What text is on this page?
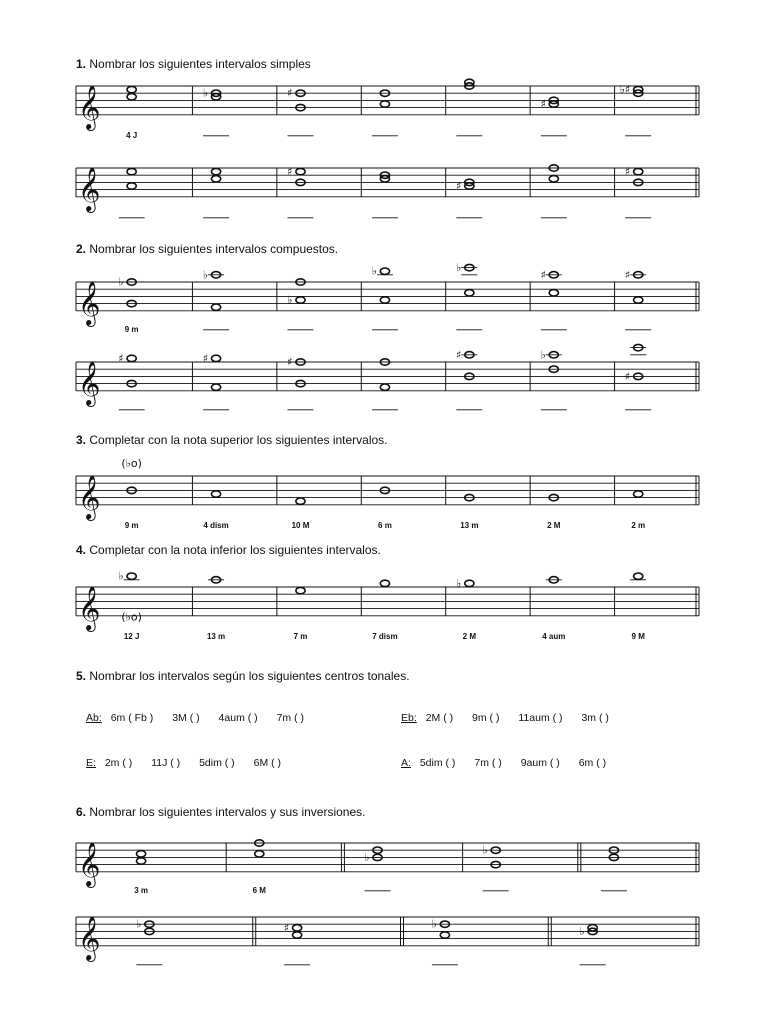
1. Nombrar los siguientes intervalos simples
2. Nombrar los siguientes intervalos compuestos.
3. Completar con la nota superior los siguientes intervalos.
4. Completar con la nota inferior los siguientes intervalos.
5. Nombrar los intervalos según los siguientes centros tonales.
6. Nombrar los siguientes intervalos y sus inversiones.
𝄞
4 J
♭	♯
♯
♭♯
𝄞	♯
♯
♯
𝄞 ♭
9 m
♭
♭
♭	♭
♯	♯
𝄞
♯	♯	♯
♯	♭
♯
𝄞
9 m	4 dism	10 M	6 m	13 m	2 M	2 m
(♭o)
𝄞
♭
12 J	13 m	7 m	7 dism
♭
2 M	4 aum	9 M
(♭o)
𝄞
3 m	6 M
♭
♭
𝄞	♭	♯	♭
♭
Ab: 6m ( Fb ) 3M ( ) 4aum ( ) 7m ( )	Eb: 2M ( ) 9m ( ) 11aum ( ) 3m ( )
E: 2m ( ) 11J ( ) 5dim ( ) 6M ( )	A: 5dim ( ) 7m ( ) 9aum ( ) 6m ( )
